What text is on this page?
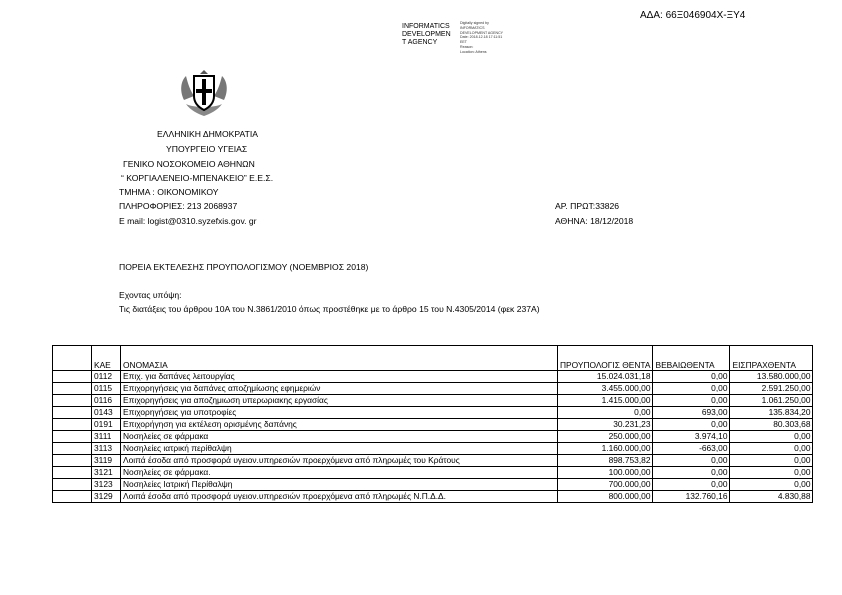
ΑΔΑ: 66Ξ046904Χ-ΞΥ4
INFORMATICS
DEVELOPMEN
T AGENCY
Digitally signed by
INFORMATICS
DEVELOPMENT AGENCY
Date: 2018.12.18 17:11:51
EET
Reason:
Location: Athens
ΕΛΛΗΝΙΚΗ ΔΗΜΟΚΡΑΤΙΑ
ΥΠΟΥΡΓΕΙΟ ΥΓΕΙΑΣ
ΓΕΝΙΚΟ ΝΟΣΟΚΟΜΕΙΟ ΑΘΗΝΩΝ
“ ΚΟΡΓΙΑΛΕΝΕΙΟ-ΜΠΕΝΑΚΕΙΟ” Ε.Ε.Σ.
ΤΜΗΜΑ : ΟΙΚΟΝΟΜΙΚΟΥ
ΠΛΗΡΟΦΟΡΙΕΣ: 213 2068937
E mail: logist@0310.syzefxis.gov. gr
ΑΡ. ΠΡΩΤ:33826
ΑΘΗΝΑ: 18/12/2018
ΠΟΡΕΙΑ ΕΚΤΕΛΕΣΗΣ ΠΡΟΥΠΟΛΟΓΙΣΜΟΥ (ΝΟΕΜΒΡΙΟΣ 2018)
Εχοντας υπόψη:
Τις διατάξεις του άρθρου 10Α του Ν.3861/2010 όπως προστέθηκε με το άρθρο 15 του Ν.4305/2014 (φεκ 237Α)
	ΚΑΕ	ΟΝΟΜΑΣΙΑ	ΠΡΟΥΠΟΛΟΓΙΣ ΘΕΝΤΑ	ΒΕΒΑΙΩΘΕΝΤΑ	ΕΙΣΠΡΑΧΘΕΝΤΑ
	0112	Επιχ. για δαπάνες λειτουργίας	15.024.031,18	0,00	13.580.000,00
	0115	Επιχορηγήσεις για δαπάνες αποζημίωσης εφημεριών	3.455.000,00	0,00	2.591.250,00
	0116	Επιχορηγήσεις για αποζημιωση υπερωριακης εργασίας	1.415.000,00	0,00	1.061.250,00
	0143	Επιχορηγήσεις για υποτροφίες	0,00	693,00	135.834,20
	0191	Επιχορήγηση για εκτέλεση ορισμένης δαπάνης	30.231,23	0,00	80.303,68
	3111	Νοσηλείες σε φάρμακα	250.000,00	3.974,10	0,00
	3113	Νοσηλείες ιατρική περίθαλψη	1.160.000,00	-663,00	0,00
	3119	Λοιπά έσοδα από προσφορά υγειον.υπηρεσιών προερχόμενα από πληρωμές του Κράτους	898.753,82	0,00	0,00
	3121	Νοσηλείες σε φάρμακα.	100.000,00	0,00	0,00
	3123	Νοσηλείες Ιατρική Περίθαλψη	700.000,00	0,00	0,00
	3129	Λοιπά έσοδα από προσφορά υγειον.υπηρεσιών προερχόμενα από πληρωμές Ν.Π.Δ.Δ.	800.000,00	132.760,16	4.830,88
